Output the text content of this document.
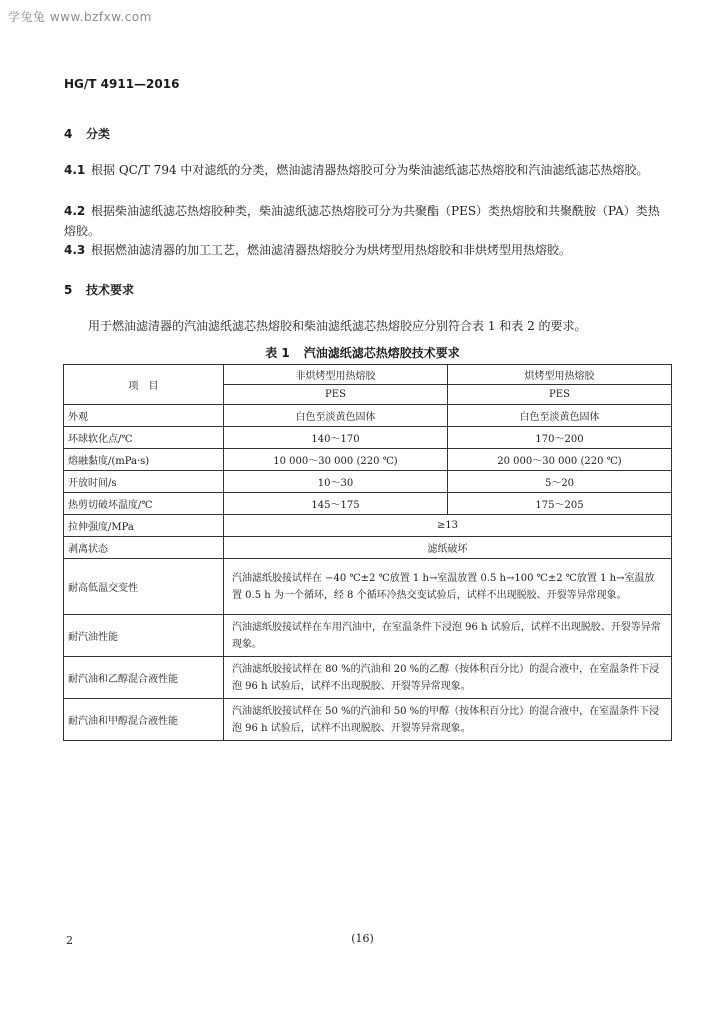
学兔兔 www.bzfxw.com
HG/T 4911—2016
4 分类
4.1 根据 QC/T 794 中对滤纸的分类，燃油滤清器热熔胶可分为柴油滤纸滤芯热熔胶和汽油滤纸滤芯热熔胶。
4.2 根据柴油滤纸滤芯热熔胶种类，柴油滤纸滤芯热熔胶可分为共聚酯（PES）类热熔胶和共聚酰胺（PA）类热熔胶。
4.3 根据燃油滤清器的加工工艺，燃油滤清器热熔胶分为烘烤型用热熔胶和非烘烤型用热熔胶。
5 技术要求
用于燃油滤清器的汽油滤纸滤芯热熔胶和柴油滤纸滤芯热熔胶应分别符合表 1 和表 2 的要求。
表 1 汽油滤纸滤芯热熔胶技术要求
项　目	非烘烤型用热熔胶	烘烤型用热熔胶
	PES	PES
外观	白色至淡黄色固体	白色至淡黄色固体
环球软化点/℃	140～170	170～200
熔融黏度/(mPa·s)	10 000～30 000 (220 ℃)	20 000～30 000 (220 ℃)
开放时间/s	10～30	5～20
热剪切破坏温度/℃	145～175	175～205
拉伸强度/MPa	≥13	
剥离状态	滤纸破坏	
耐高低温交变性	汽油滤纸胶接试样在 −40 ℃±2 ℃放置 1 h→室温放置 0.5 h→100 ℃±2 ℃放置 1 h→室温放置 0.5 h 为一个循环，经 8 个循环冷热交变试验后，试样不出现脱胶、开裂等异常现象。	
耐汽油性能	汽油滤纸胶接试样在车用汽油中，在室温条件下浸泡 96 h 试验后，试样不出现脱胶、开裂等异常现象。	
耐汽油和乙醇混合液性能	汽油滤纸胶接试样在 80 %的汽油和 20 %的乙醇（按体积百分比）的混合液中，在室温条件下浸泡 96 h 试验后，试样不出现脱胶、开裂等异常现象。	
耐汽油和甲醇混合液性能	汽油滤纸胶接试样在 50 %的汽油和 50 %的甲醇（按体积百分比）的混合液中，在室温条件下浸泡 96 h 试验后，试样不出现脱胶、开裂等异常现象。	
2	(16)
